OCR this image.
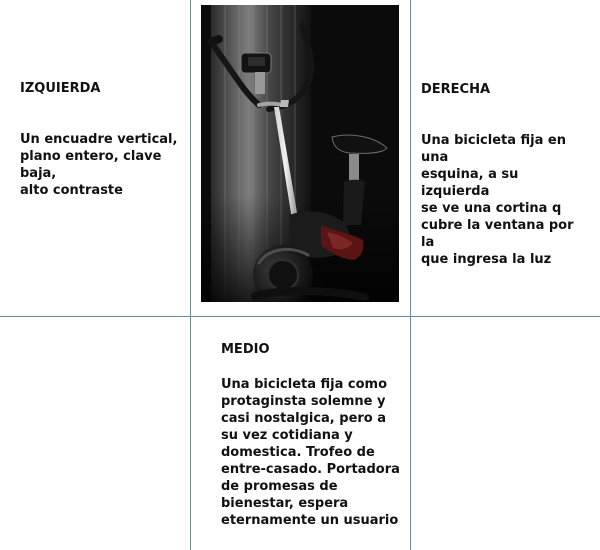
IZQUIERDA

Un encuadre vertical,
plano entero, clave baja,
alto contraste

DERECHA

Una bicicleta fija en una
esquina, a su izquierda
se ve una cortina q
cubre la ventana por la
que ingresa la luz

MEDIO

Una bicicleta fija como
protaginsta solemne y
casi nostalgica, pero a
su vez cotidiana y
domestica. Trofeo de
entre-casado. Portadora
de promesas de
bienestar, espera
eternamente un usuario
